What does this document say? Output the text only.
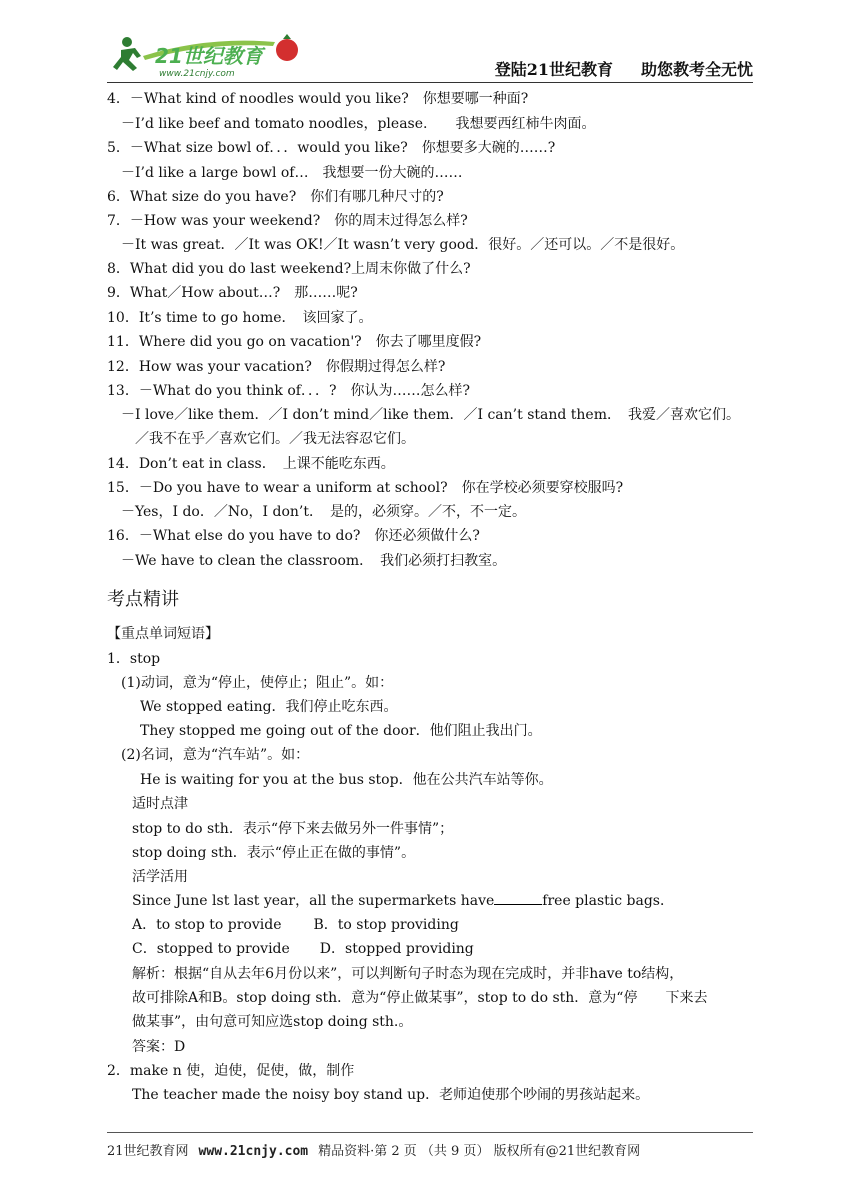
21世纪教育
www.21cnjy.com	登陆21世纪教育 助您教考全无忧
4．－What kind of noodles would you like?　你想要哪一种面?
　－I’d like beef and tomato noodles，please.　　我想要西红柿牛肉面。
5．－What size bowl of．．．would you like?　你想要多大碗的……?
　－I’d like a large bowl of…　我想要一份大碗的……
6．What size do you have?　你们有哪几种尺寸的?
7．－How was your weekend?　你的周末过得怎么样?
　－It was great．／It was OK!／It wasn’t very good．很好。／还可以。／不是很好。
8．What did you do last weekend?上周末你做了什么?
9．What／How about…?　那……呢?
10．It’s time to go home．　该回家了。
11．Where did you go on vacation'?　你去了哪里度假?
12．How was your vacation?　你假期过得怎么样?
13．－What do you think of．．．?　你认为……怎么样?
　－I love／like them．／I don’t mind／like them．／I can’t stand them．　我爱／喜欢它们。
　　／我不在乎／喜欢它们。／我无法容忍它们。
14．Don’t eat in class．　上课不能吃东西。
15．－Do you have to wear a uniform at school?　你在学校必须要穿校服吗?
　－Yes，I do．／No，I don’t．　是的，必须穿。／不，不一定。
16．－What else do you have to do?　你还必须做什么?
　－We have to clean the classroom．　我们必须打扫教室。
考点精讲
【重点单词短语】
1．stop
(1)动词，意为“停止，使停止；阻止”。如：
We stopped eating．我们停止吃东西。
They stopped me going out of the door．他们阻止我出门。
(2)名词，意为“汽车站”。如：
He is waiting for you at the bus stop．他在公共汽车站等你。
适时点津
stop to do sth．表示“停下来去做另外一件事情”；
stop doing sth．表示“停止正在做的事情”。
活学活用
Since June lst last year，all the supermarkets have	free plastic bags．
A．to stop to provide B．to stop providing
C．stopped to provide D．stopped providing
解析：根据“自从去年6月份以来”，可以判断句子时态为现在完成时，并非have to结构，
故可排除A和B。stop doing sth．意为“停止做某事”，stop to do sth．意为“停　　下来去
做某事”，由句意可知应选stop doing sth.。
答案：D
2．make n 使，迫使，促使，做，制作
The teacher made the noisy boy stand up．老师迫使那个吵闹的男孩站起来。
21世纪教育网 www.21cnjy.com 精品资料·第 2 页 （共 9 页） 版权所有@21世纪教育网
